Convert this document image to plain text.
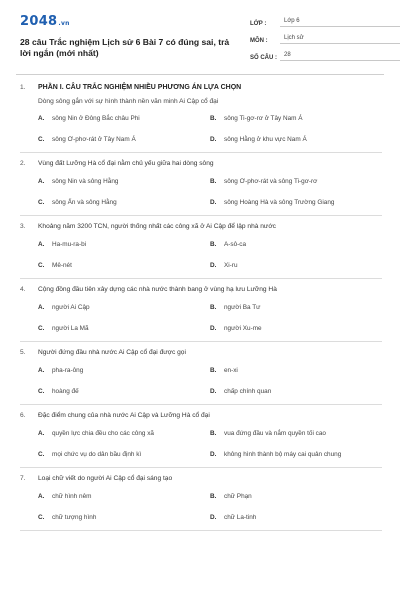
2048.vn
28 câu Trắc nghiệm Lịch sử 6 Bài 7 có đúng sai, trả lời ngắn (mới nhất)
LỚP :	Lớp 6
MÔN :	Lịch sử
SỐ CÂU :	28
1.	PHẦN I. CÂU TRẮC NGHIỆM NHIỀU PHƯƠNG ÁN LỰA CHỌN
Dòng sông gắn với sự hình thành nền văn minh Ai Cập cổ đại
A.	sông Nin ở Đông Bắc châu Phi	B.	sông Ti-gơ-rơ ở Tây Nam Á
C.	sông Ơ-phơ-rát ở Tây Nam Á	D.	sông Hằng ở khu vực Nam Á
2.	Vùng đất Lưỡng Hà cổ đại nằm chủ yếu giữa hai dòng sông
A.	sông Nin và sông Hằng	B.	sông Ơ-phơ-rát và sông Ti-gơ-rơ
C.	sông Ấn và sông Hằng	D.	sông Hoàng Hà và sông Trường Giang
3.	Khoảng năm 3200 TCN, người thống nhất các công xã ở Ai Cập để lập nhà nước
A.	Ha-mu-ra-bi	B.	A-sô-ca
C.	Mê-nét	D.	Xi-ru
4.	Cộng đồng đầu tiên xây dựng các nhà nước thành bang ở vùng hạ lưu Lưỡng Hà
A.	người Ai Cập	B.	người Ba Tư
C.	người La Mã	D.	người Xu-me
5.	Người đứng đầu nhà nước Ai Cập cổ đại được gọi
A.	pha-ra-ông	B.	en-xi
C.	hoàng đế	D.	chấp chính quan
6.	Đặc điểm chung của nhà nước Ai Cập và Lưỡng Hà cổ đại
A.	quyền lực chia đều cho các công xã	B.	vua đứng đầu và nắm quyền tối cao
C.	mọi chức vụ do dân bầu định kì	D.	không hình thành bộ máy cai quản chung
7.	Loại chữ viết do người Ai Cập cổ đại sáng tạo
A.	chữ hình nêm	B.	chữ Phạn
C.	chữ tượng hình	D.	chữ La-tinh
